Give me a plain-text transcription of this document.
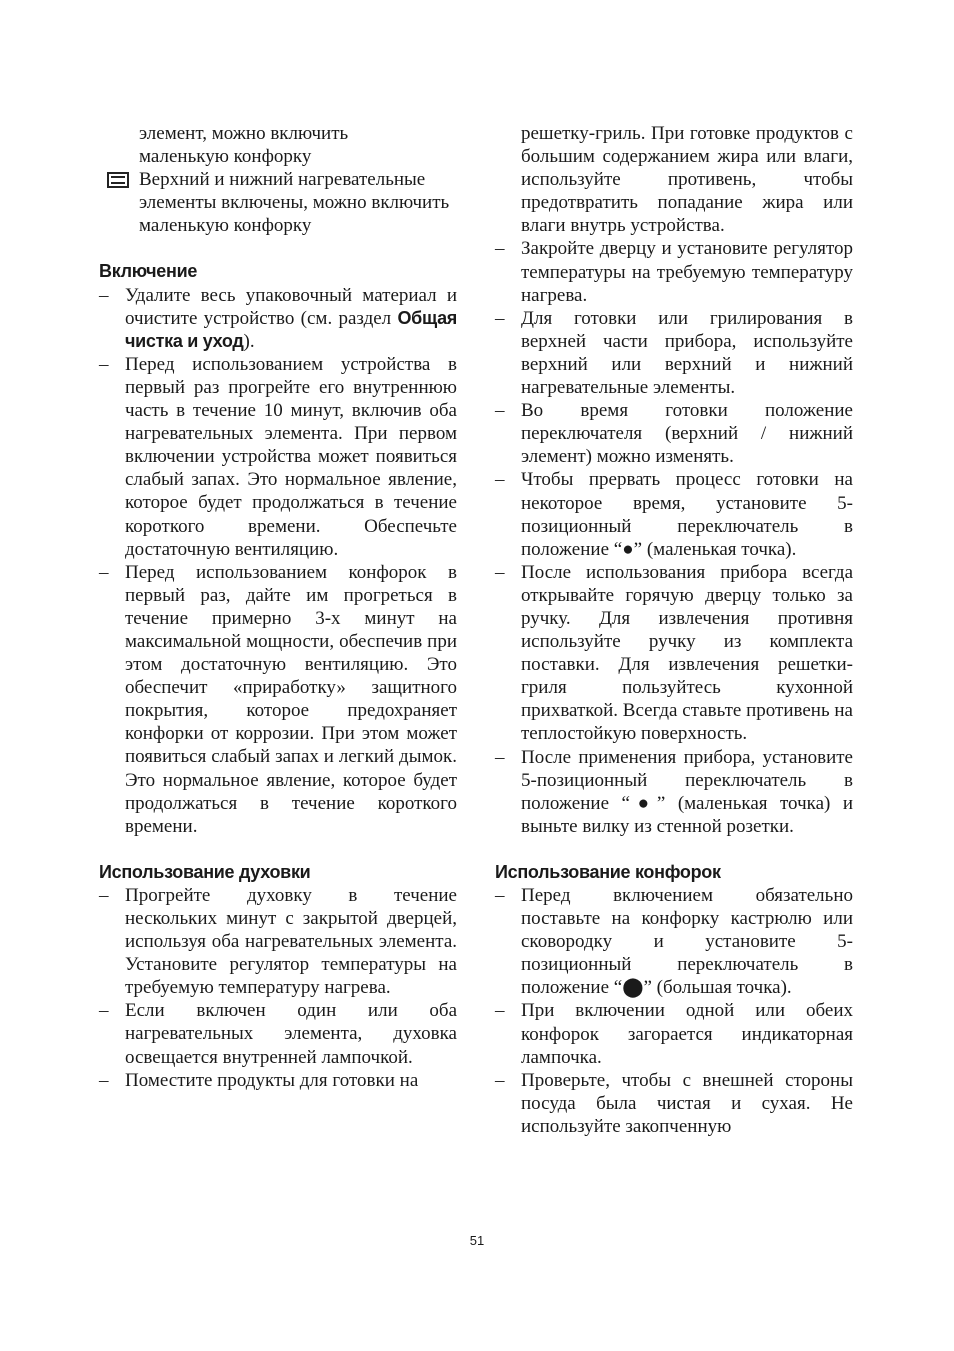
элемент, можно включить

маленькую конфорку

Верхний и нижний нагревательные элементы включены, можно включить маленькую конфорку

Включение
– Удалите весь упаковочный материал и очистите устройство (см. раздел Общая чистка и уход).
– Перед использованием устройства в первый раз прогрейте его внутреннюю часть в течение 10 минут, включив оба нагревательных элемента. При первом включении устройства может появиться слабый запах. Это нормальное явление, которое будет продолжаться в течение короткого времени. Обеспечьте достаточную вентиляцию.
– Перед использованием конфорок в первый раз, дайте им прогреться в течение примерно 3-х минут на максимальной мощности, обеспечив при этом достаточную вентиляцию. Это обеспечит «приработку» защитного покрытия, которое предохраняет конфорки от коррозии. При этом может появиться слабый запах и легкий дымок. Это нормальное явление, которое будет продолжаться в течение короткого времени.
Использование духовки
– Прогрейте духовку в течение нескольких минут с закрытой дверцей, используя оба нагревательных элемента. Установите регулятор температуры на требуемую температуру нагрева.
– Если включен один или оба нагревательных элемента, духовка освещается внутренней лампочкой.
– Поместите продукты для готовки на
решетку-гриль. При готовке продуктов с большим содержанием жира или влаги, используйте противень, чтобы предотвратить попадание жира или влаги внутрь устройства.
– Закройте дверцу и установите регулятор температуры на требуемую температуру нагрева.
– Для готовки или грилирования в верхней части прибора, используйте верхний или верхний и нижний нагревательные элементы.
– Во время готовки положение переключателя (верхний / нижний элемент) можно изменять.
– Чтобы прервать процесс готовки на некоторое время, установите 5-позиционный переключатель в положение “●” (маленькая точка).
– После использования прибора всегда открывайте горячую дверцу только за ручку. Для извлечения противня используйте ручку из комплекта поставки. Для извлечения решетки-гриля пользуйтесь кухонной прихваткой. Всегда ставьте противень на теплостойкую поверхность.
– После применения прибора, установите 5-позиционный переключатель в положение “●” (маленькая точка) и выньте вилку из стенной розетки.
Использование конфорок
– Перед включением обязательно поставьте на конфорку кастрюлю или сковородку и установите 5-позиционный переключатель в положение “⬤” (большая точка).
– При включении одной или обеих конфорок загорается индикаторная лампочка.
– Проверьте, чтобы с внешней стороны посуда была чистая и сухая. Не используйте закопченную
51
